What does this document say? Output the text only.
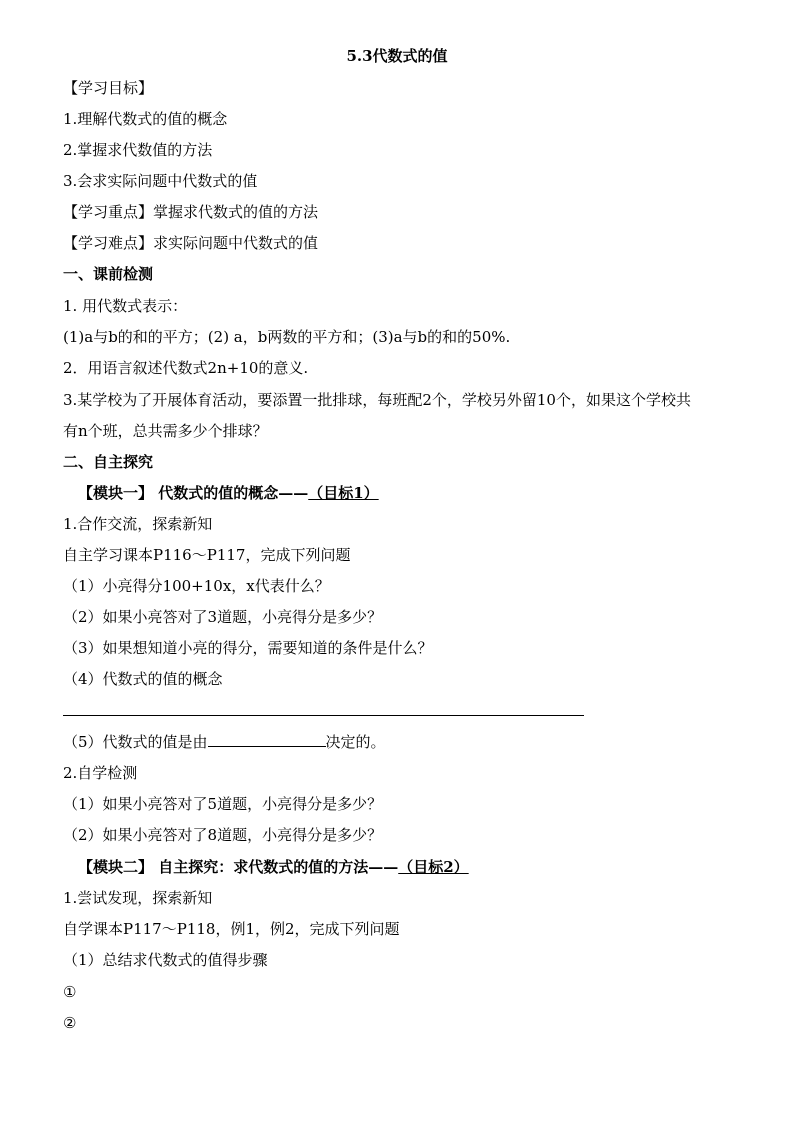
5.3代数式的值
【学习目标】
1.理解代数式的值的概念
2.掌握求代数值的方法
3.会求实际问题中代数式的值
【学习重点】掌握求代数式的值的方法
【学习难点】求实际问题中代数式的值
一、课前检测
1. 用代数式表示：
(1)a与b的和的平方；(2) a，b两数的平方和；(3)a与b的和的50%.
2．用语言叙述代数式2n+10的意义.
3.某学校为了开展体育活动，要添置一批排球，每班配2个，学校另外留10个，如果这个学校共
有n个班，总共需多少个排球？
二、自主探究
【模块一】 代数式的值的概念——（目标1）
1.合作交流，探索新知
自主学习课本P116～P117，完成下列问题
（1）小亮得分100+10x，x代表什么？
（2）如果小亮答对了3道题，小亮得分是多少？
（3）如果想知道小亮的得分，需要知道的条件是什么？
（4）代数式的值的概念
（5）代数式的值是由	决定的。
2.自学检测
（1）如果小亮答对了5道题，小亮得分是多少？
（2）如果小亮答对了8道题，小亮得分是多少？
【模块二】 自主探究：求代数式的值的方法——（目标2）
1.尝试发现，探索新知
自学课本P117～P118，例1，例2，完成下列问题
（1）总结求代数式的值得步骤
①
②
